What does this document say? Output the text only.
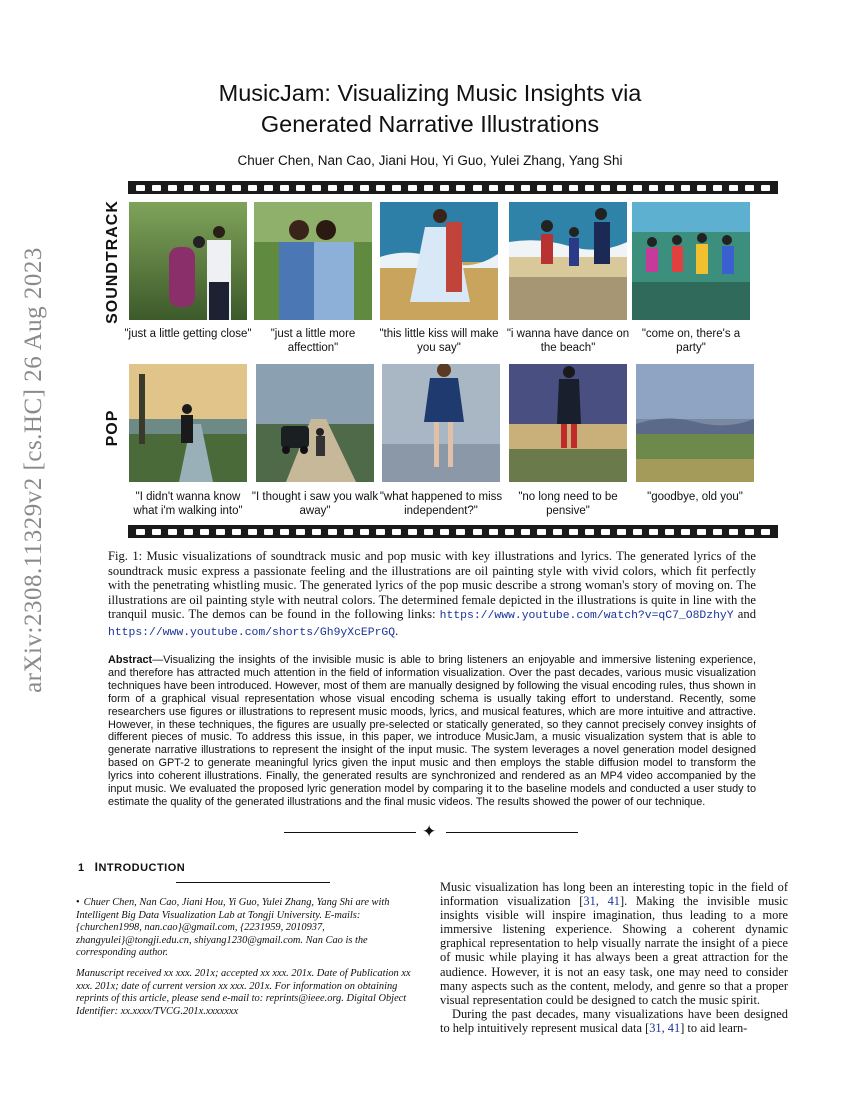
arXiv:2308.11329v2 [cs.HC] 26 Aug 2023
MusicJam: Visualizing Music Insights via
Generated Narrative Illustrations
Chuer Chen, Nan Cao, Jiani Hou, Yi Guo, Yulei Zhang, Yang Shi
SOUNDTRACK
POP
"just a little getting close"	"just a little more affecttion"
"this little kiss will make you say"
"i wanna have dance on the beach"
"come on, there's a party"
"I didn't wanna know what i'm walking into"
"I thought i saw you walk away"
"what happened to miss independent?"
"no long need to be pensive"
"goodbye, old you"
Fig. 1: Music visualizations of soundtrack music and pop music with key illustrations and lyrics. The generated lyrics of the soundtrack music express a passionate feeling and the illustrations are oil painting style with vivid colors, which fit perfectly with the penetrating whistling music. The generated lyrics of the pop music describe a strong woman's story of moving on. The illustrations are oil painting style with neutral colors. The determined female depicted in the illustrations is quite in line with the tranquil music. The demos can be found in the following links: https://www.youtube.com/watch?v=qC7_O8DzhyY and https://www.youtube.com/shorts/Gh9yXcEPrGQ.
Abstract—Visualizing the insights of the invisible music is able to bring listeners an enjoyable and immersive listening experience, and therefore has attracted much attention in the field of information visualization. Over the past decades, various music visualization techniques have been introduced. However, most of them are manually designed by following the visual encoding rules, thus shown in form of a graphical visual representation whose visual encoding schema is usually taking effort to understand. Recently, some researchers use figures or illustrations to represent music moods, lyrics, and musical features, which are more intuitive and attractive. However, in these techniques, the figures are usually pre-selected or statically generated, so they cannot precisely convey insights of different pieces of music. To address this issue, in this paper, we introduce MusicJam, a music visualization system that is able to generate narrative illustrations to represent the insight of the input music. The system leverages a novel generation model designed based on GPT-2 to generate meaningful lyrics given the input music and then employs the stable diffusion model to transform the lyrics into coherent illustrations. Finally, the generated results are synchronized and rendered as an MP4 video accompanied by the input music. We evaluated the proposed lyric generation model by comparing it to the baseline models and conducted a user study to estimate the quality of the generated illustrations and the final music videos. The results showed the power of our technique.
✦
1 INTRODUCTION
• Chuer Chen, Nan Cao, Jiani Hou, Yi Guo, Yulei Zhang, Yang Shi are with Intelligent Big Data Visualization Lab at Tongji University. E-mails:{churchen1998, nan.cao}@gmail.com, {2231959, 2010937, zhangyulei}@tongji.edu.cn, shiyang1230@gmail.com. Nan Cao is the corresponding author.
Manuscript received xx xxx. 201x; accepted xx xxx. 201x. Date of Publication xx xxx. 201x; date of current version xx xxx. 201x. For information on obtaining reprints of this article, please send e-mail to: reprints@ieee.org. Digital Object Identifier: xx.xxxx/TVCG.201x.xxxxxxx

Music visualization has long been an interesting topic in the field of information visualization [31, 41]. Making the invisible music insights visible will inspire imagination, thus leading to a more immersive listening experience. Showing a coherent dynamic graphical representation to help visually narrate the insight of a piece of music while playing it has always been a great attraction for the audience. However, it is not an easy task, one may need to consider many aspects such as the content, melody, and genre so that a proper visual representation could be designed to catch the music spirit.

During the past decades, many visualizations have been designed to help intuitively represent musical data [31, 41] to aid learn-
